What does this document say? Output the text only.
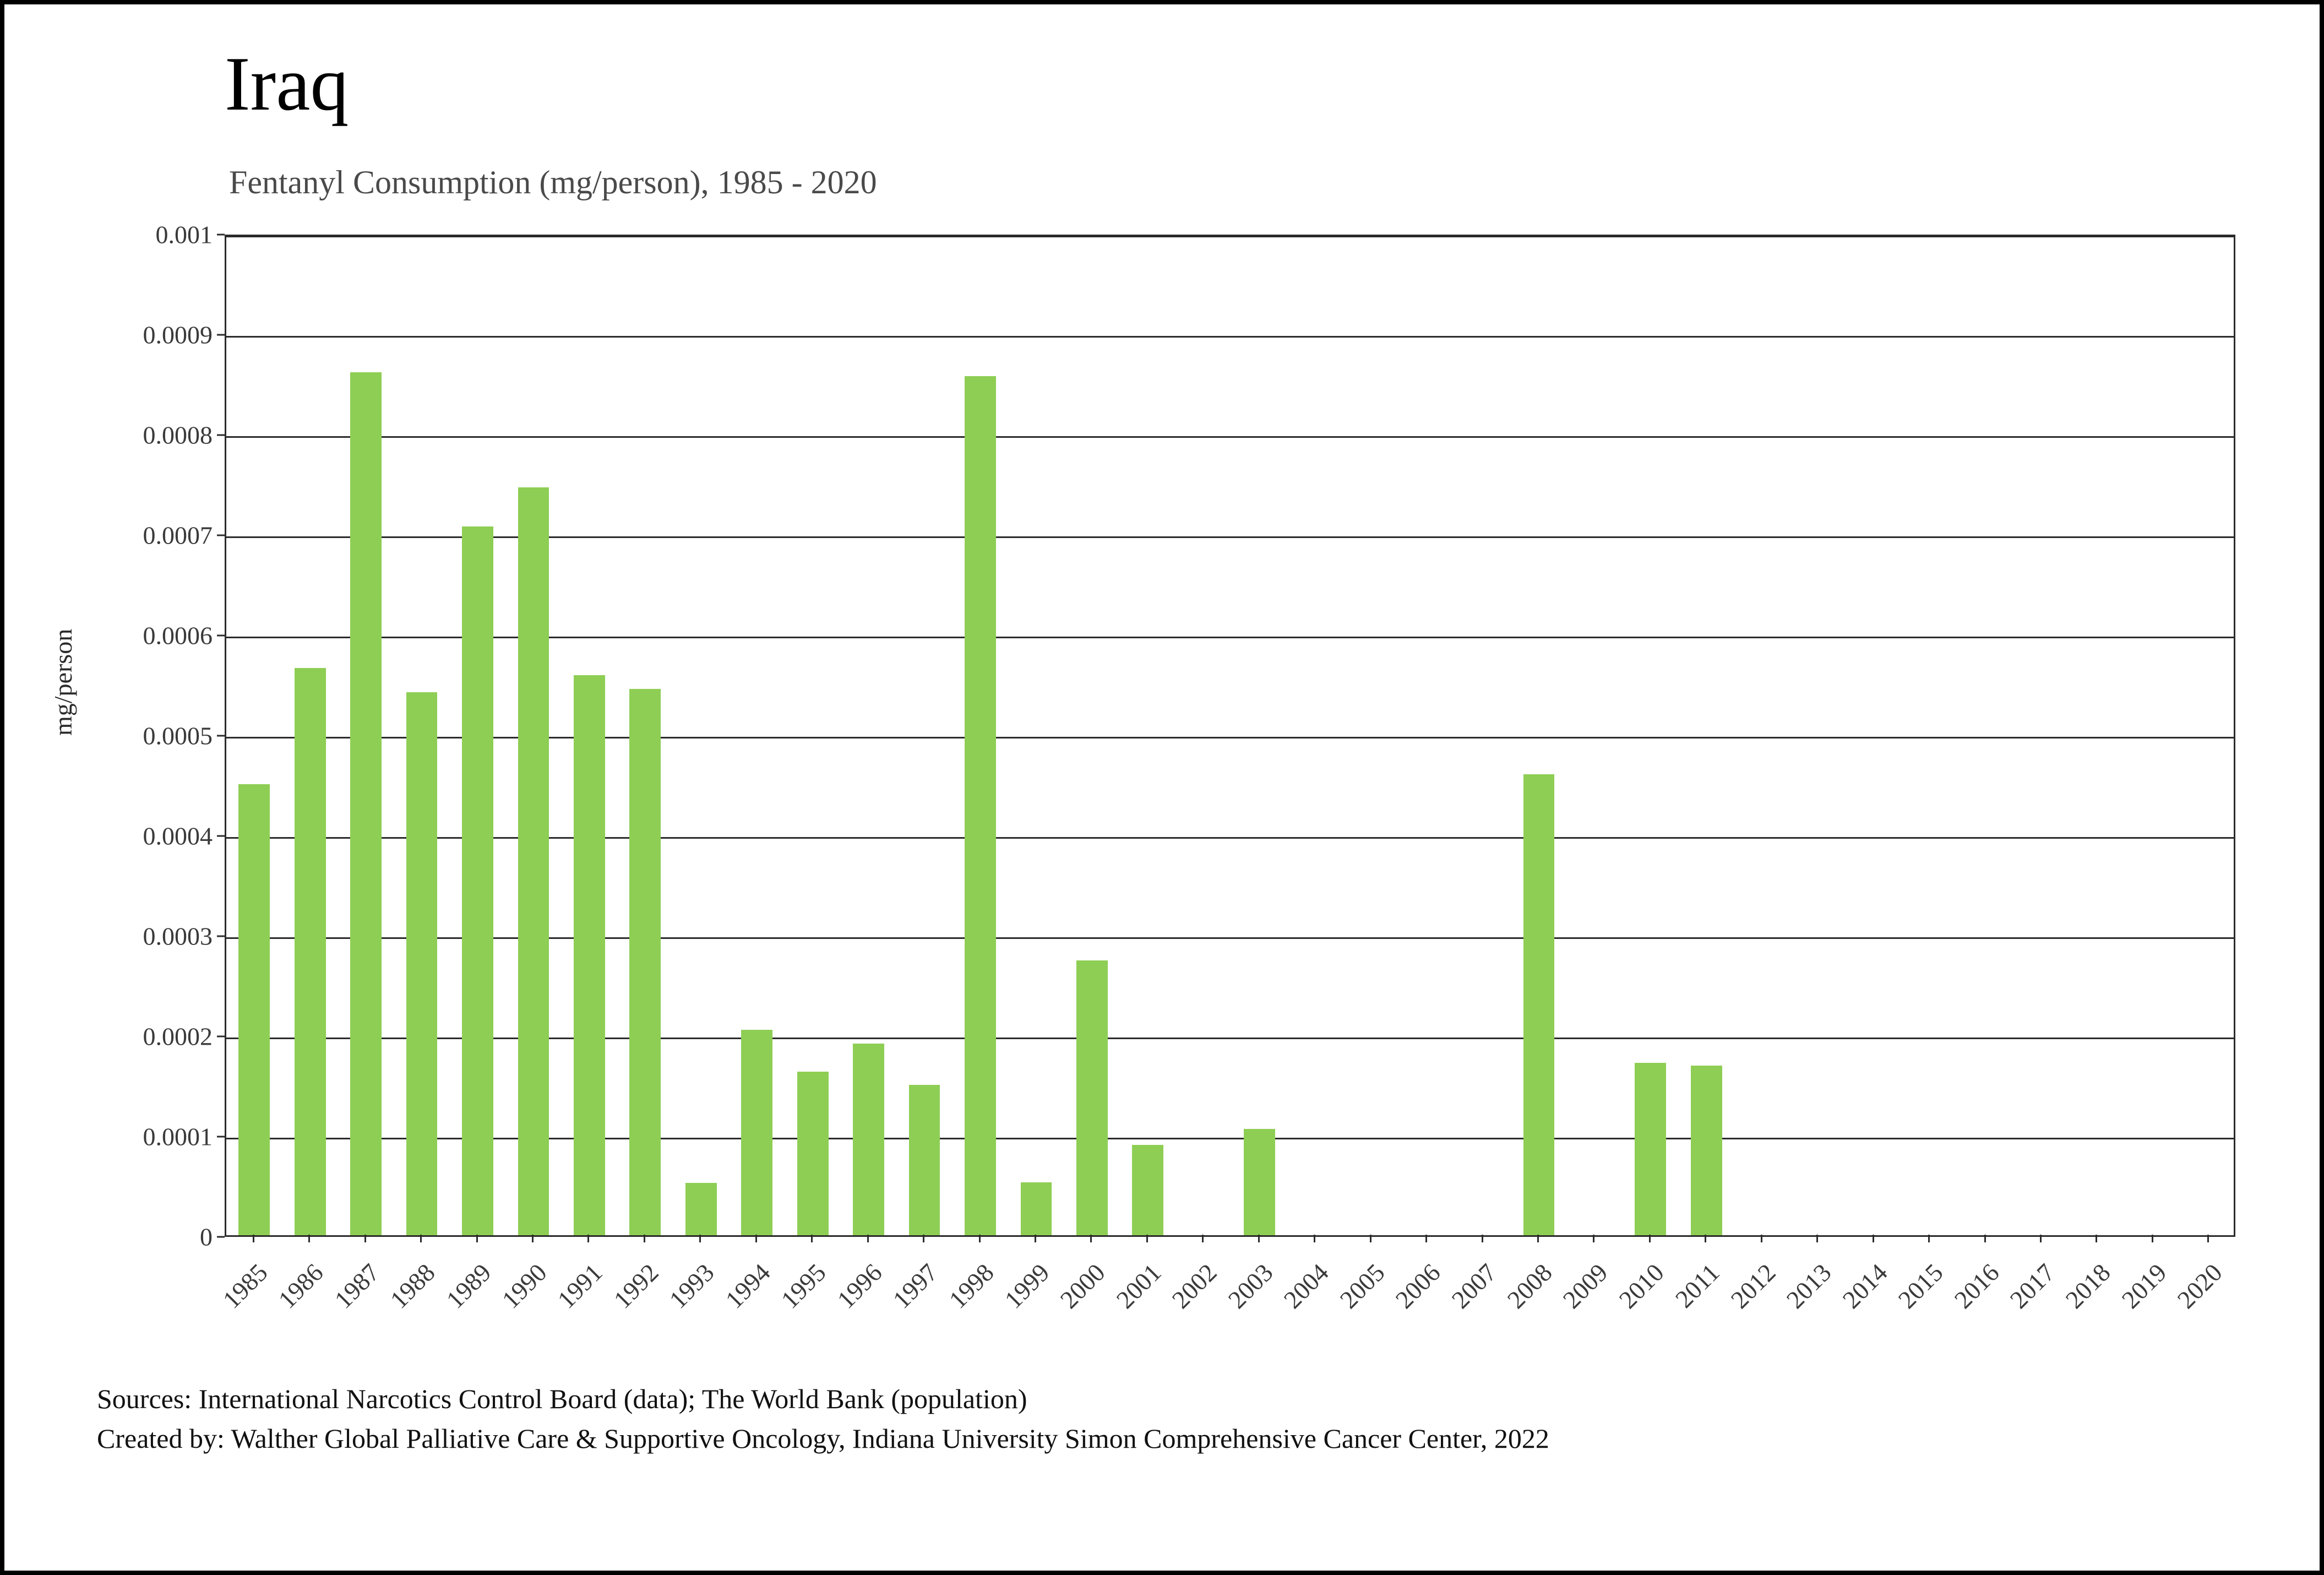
Iraq
Fentanyl Consumption (mg/person), 1985 - 2020
mg/person
0
0.0001
0.0002
0.0003
0.0004
0.0005
0.0006
0.0007
0.0008
0.0009
0.001
1985 1986 1987 1988 1989 1990 1991 1992 1993 1994 1995 1996 1997 1998 1999 2000 2001 2002 2003 2004 2005 2006 2007 2008 2009 2010 2011 2012 2013 2014 2015 2016 2017 2018 2019 2020
Sources: International Narcotics Control Board (data); The World Bank (population)
Created by: Walther Global Palliative Care & Supportive Oncology, Indiana University Simon Comprehensive Cancer Center, 2022
